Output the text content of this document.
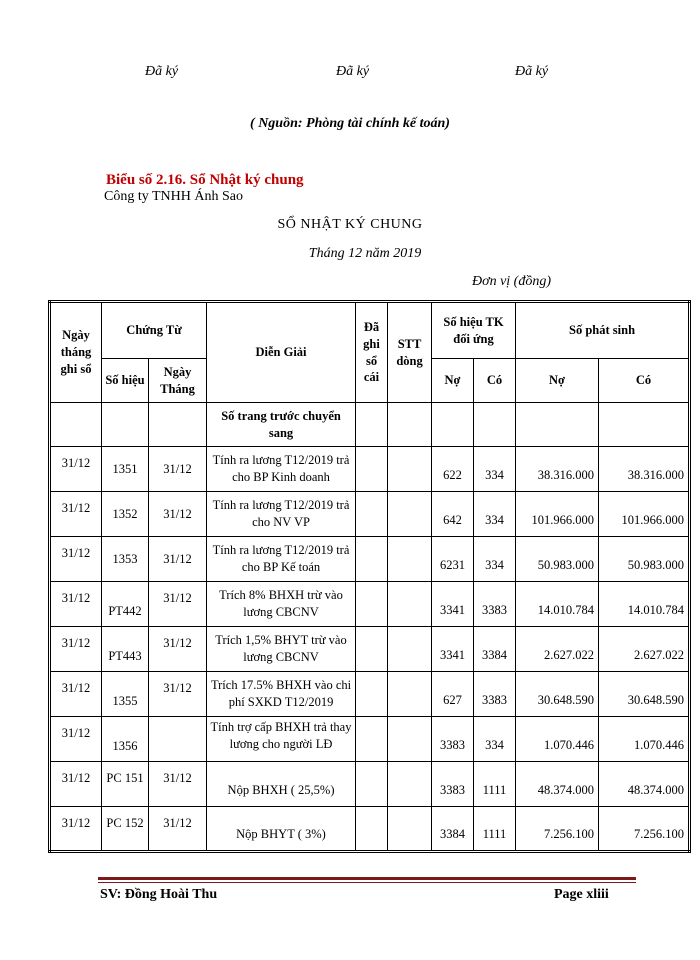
Đã ký	Đã ký	Đã ký
( Nguồn: Phòng tài chính kế toán)
Biểu số 2.16. Sổ Nhật ký chung
Công ty TNHH Ánh Sao
SỔ NHẬT KÝ CHUNG
Tháng 12 năm 2019
Đơn vị (đồng)
Ngày tháng ghi sổ	Chứng Từ		Diễn Giải	Đã ghi sổ cái	STT dòng	Số hiệu TK đối ứng		Số phát sinh	
	Số hiệu	Ngày Tháng				Nợ	Có	Nợ	Có
			Số trang trước chuyển sang						
31/12	1351	31/12	Tính ra lương T12/2019 trả cho BP Kinh doanh			622	334	38.316.000	38.316.000
31/12	1352	31/12	Tính ra lương T12/2019 trả cho NV VP			642	334	101.966.000	101.966.000
31/12	1353	31/12	Tính ra lương T12/2019 trả cho BP Kế toán			6231	334	50.983.000	50.983.000
31/12	PT442	31/12	Trích 8% BHXH trừ vào lương CBCNV			3341	3383	14.010.784	14.010.784
31/12	PT443	31/12	Trích 1,5% BHYT trừ vào lương CBCNV			3341	3384	2.627.022	2.627.022
31/12	1355	31/12	Trích 17.5% BHXH vào chi phí SXKD T12/2019			627	3383	30.648.590	30.648.590
31/12	1356		Tính trợ cấp BHXH trả thay lương cho người LĐ			3383	334	1.070.446	1.070.446
31/12	PC 151	31/12	Nộp BHXH ( 25,5%)			3383	1111	48.374.000	48.374.000
31/12	PC 152	31/12	Nộp BHYT ( 3%)			3384	1111	7.256.100	7.256.100
SV: Đồng Hoài Thu	Page xliii
